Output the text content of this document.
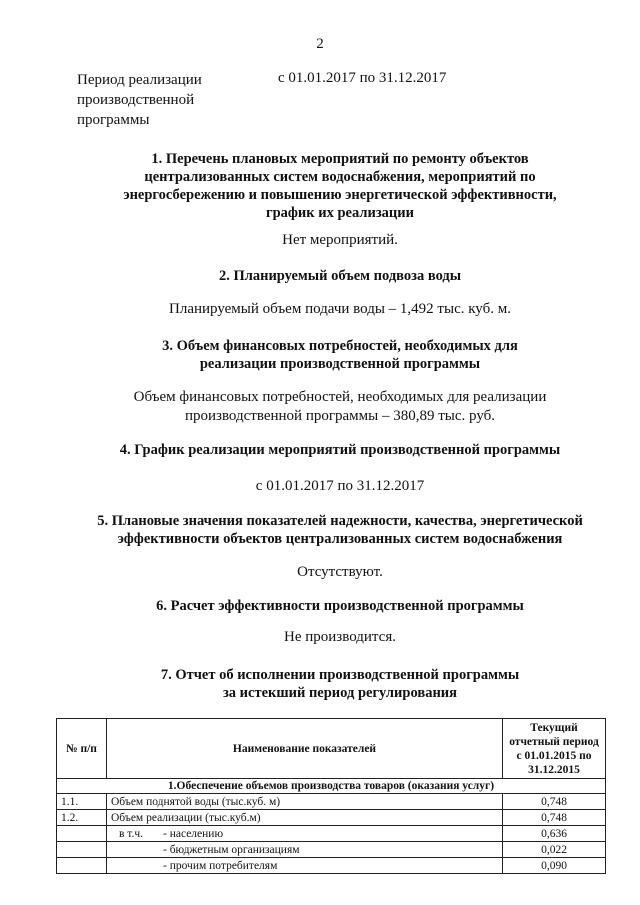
2
Период реализации производственной программы
с 01.01.2017 по 31.12.2017
1. Перечень плановых мероприятий по ремонту объектов
централизованных систем водоснабжения, мероприятий по
энергосбережению и повышению энергетической эффективности,
график их реализации
Нет мероприятий.
2. Планируемый объем подвоза воды
Планируемый объем подачи воды – 1,492 тыс. куб. м.
3. Объем финансовых потребностей, необходимых для
реализации производственной программы
Объем финансовых потребностей, необходимых для реализации
производственной программы – 380,89 тыс. руб.
4. График реализации мероприятий производственной программы
с 01.01.2017 по 31.12.2017
5. Плановые значения показателей надежности, качества, энергетической
эффективности объектов централизованных систем водоснабжения
Отсутствуют.
6. Расчет эффективности производственной программы
Не производится.
7. Отчет об исполнении производственной программы
за истекший период регулирования
№ п/п	Наименование показателей	Текущий отчетный период с 01.01.2015 по 31.12.2015
1.Обеспечение объемов производства товаров (оказания услуг)		
1.1.	Объем поднятой воды (тыс.куб. м)	0,748
1.2.	Объем реализации (тыс.куб.м)	0,748
	в т.ч. - населению	0,636
	- бюджетным организациям	0,022
	- прочим потребителям	0,090
